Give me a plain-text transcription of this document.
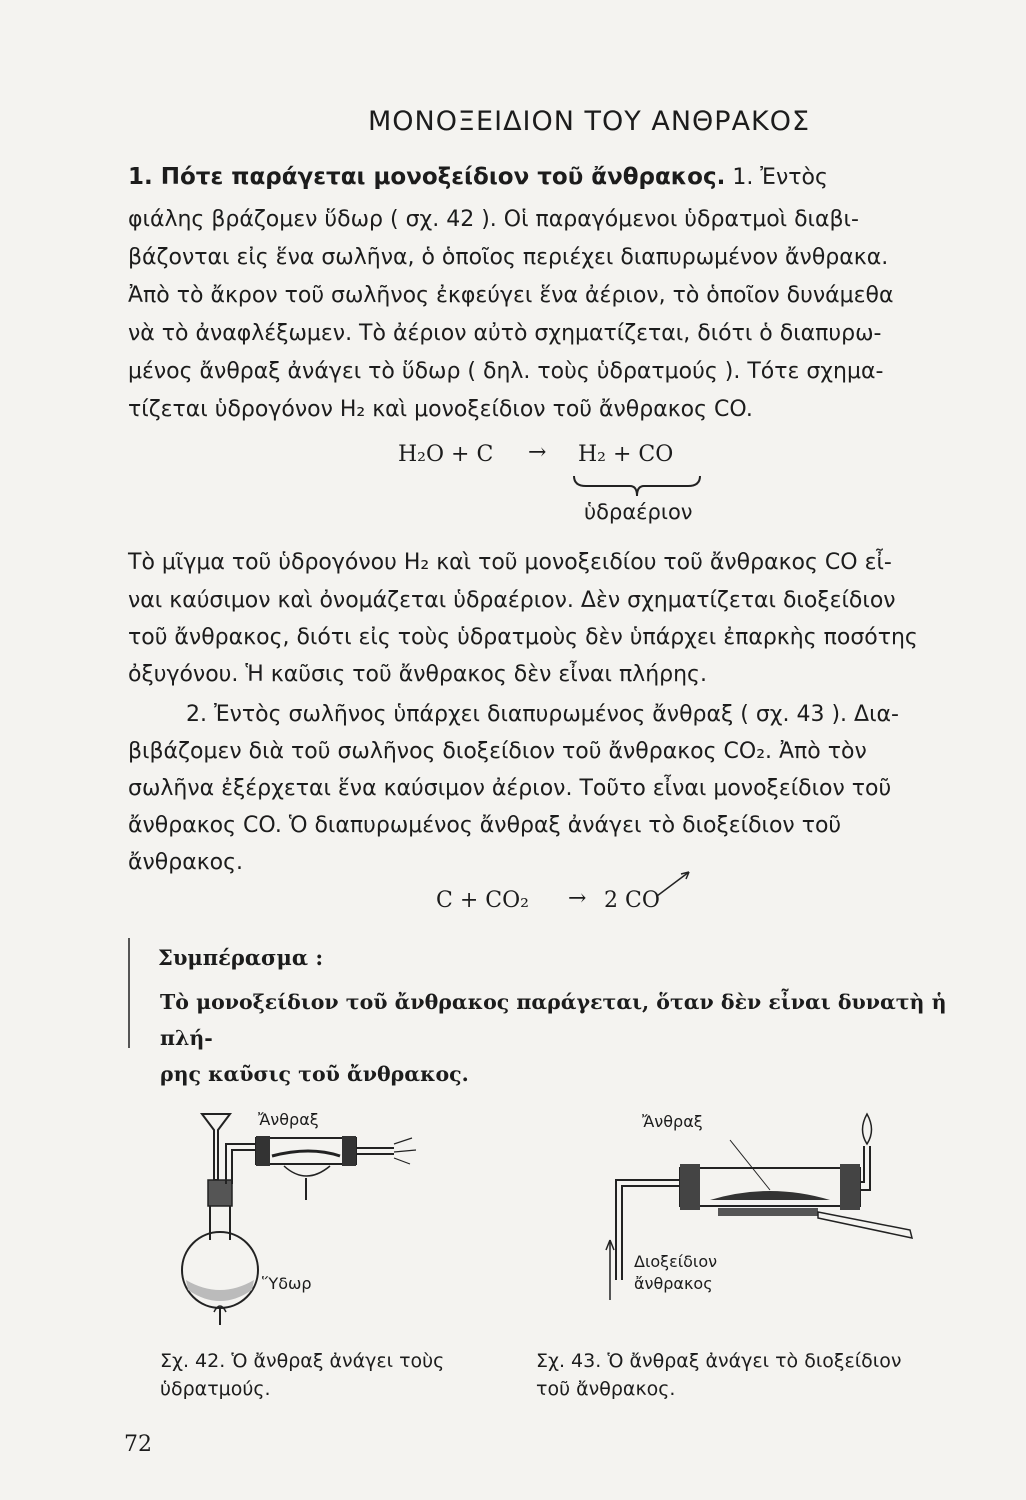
ΜΟΝΟΞΕΙΔΙΟΝ ΤΟΥ ΑΝΘΡΑΚΟΣ
1. Πότε παράγεται μονοξείδιον τοῦ ἄνθρακος. 1. Ἐντὸς
φιάλης βράζομεν ὕδωρ ( σχ. 42 ). Οἱ παραγόμενοι ὑδρατμοὶ διαβι-
βάζονται εἰς ἕνα σωλῆνα, ὁ ὁποῖος περιέχει διαπυρωμένον ἄνθρακα.
Ἀπὸ τὸ ἄκρον τοῦ σωλῆνος ἐκφεύγει ἕνα ἀέριον, τὸ ὁποῖον δυνάμεθα
νὰ τὸ ἀναφλέξωμεν. Τὸ ἀέριον αὐτὸ σχηματίζεται, διότι ὁ διαπυρω-
μένος ἄνθραξ ἀνάγει τὸ ὕδωρ ( δηλ. τοὺς ὑδρατμούς ). Τότε σχημα-
τίζεται ὑδρογόνον H₂ καὶ μονοξείδιον τοῦ ἄνθρακος CO.
H₂O + C → H₂ + CO
ὑδραέριον
Τὸ μῖγμα τοῦ ὑδρογόνου H₂ καὶ τοῦ μονοξειδίου τοῦ ἄνθρακος CO εἶ-
ναι καύσιμον καὶ ὀνομάζεται ὑδραέριον. Δὲν σχηματίζεται διοξείδιον
τοῦ ἄνθρακος, διότι εἰς τοὺς ὑδρατμοὺς δὲν ὑπάρχει ἐπαρκὴς ποσότης
ὀξυγόνου. Ἡ καῦσις τοῦ ἄνθρακος δὲν εἶναι πλήρης.
2. Ἐντὸς σωλῆνος ὑπάρχει διαπυρωμένος ἄνθραξ ( σχ. 43 ). Δια-
βιβάζομεν διὰ τοῦ σωλῆνος διοξείδιον τοῦ ἄνθρακος CO₂. Ἀπὸ τὸν
σωλῆνα ἐξέρχεται ἕνα καύσιμον ἀέριον. Τοῦτο εἶναι μονοξείδιον τοῦ
ἄνθρακος CO. Ὁ διαπυρωμένος ἄνθραξ ἀνάγει τὸ διοξείδιον τοῦ
ἄνθρακος.
C + CO₂ → 2 CO
Συμπέρασμα :
Τὸ μονοξείδιον τοῦ ἄνθρακος παράγεται, ὅταν δὲν εἶναι δυνατὴ ἡ πλή-
ρης καῦσις τοῦ ἄνθρακος.
Ἄνθραξ
Ὕδωρ
Ἄνθραξ
Διοξείδιον
ἄνθρακος
Σχ. 42. Ὁ ἄνθραξ ἀνάγει τοὺς
ὑδρατμούς.
Σχ. 43. Ὁ ἄνθραξ ἀνάγει τὸ διοξείδιον
τοῦ ἄνθρακος.
72
